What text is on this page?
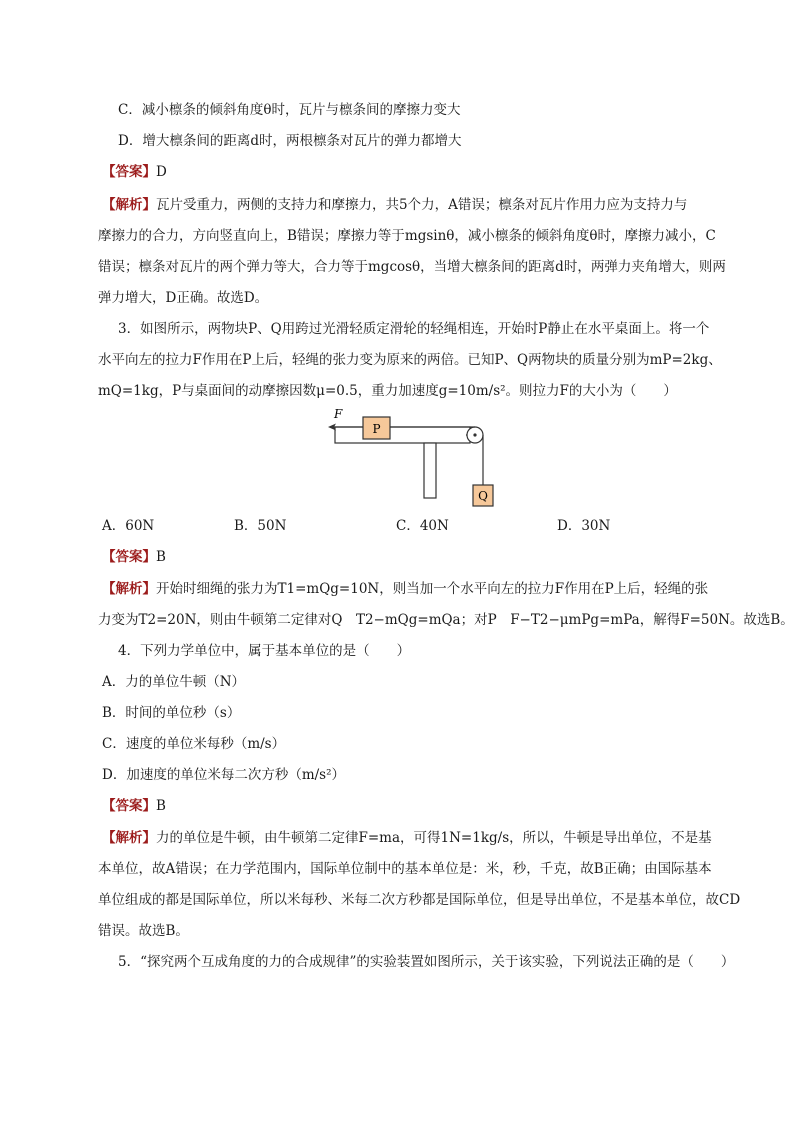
C．减小檩条的倾斜角度θ时，瓦片与檩条间的摩擦力变大
D．增大檩条间的距离d时，两根檩条对瓦片的弹力都增大
【答案】D
【解析】瓦片受重力，两侧的支持力和摩擦力，共5个力，A错误；檩条对瓦片作用力应为支持力与
摩擦力的合力，方向竖直向上，B错误；摩擦力等于mgsinθ，减小檩条的倾斜角度θ时，摩擦力减小，C
错误；檩条对瓦片的两个弹力等大，合力等于mgcosθ，当增大檩条间的距离d时，两弹力夹角增大，则两
弹力增大，D正确。故选D。
3．如图所示，两物块P、Q用跨过光滑轻质定滑轮的轻绳相连，开始时P静止在水平桌面上。将一个
水平向左的拉力F作用在P上后，轻绳的张力变为原来的两倍。已知P、Q两物块的质量分别为mP=2kg、
mQ=1kg，P与桌面间的动摩擦因数μ=0.5，重力加速度g=10m/s²。则拉力F的大小为（　　）
P
F
Q
A．60N	B．50N	C．40N	D．30N
【答案】B
【解析】开始时细绳的张力为T1=mQg=10N，则当加一个水平向左的拉力F作用在P上后，轻绳的张
力变为T2=20N，则由牛顿第二定律对Q　T2−mQg=mQa；对P　F−T2−μmPg=mPa，解得F=50N。故选B。
4．下列力学单位中，属于基本单位的是（　　）
A．力的单位牛顿（N）
B．时间的单位秒（s）
C．速度的单位米每秒（m/s）
D．加速度的单位米每二次方秒（m/s²）
【答案】B
【解析】力的单位是牛顿，由牛顿第二定律F=ma，可得1N=1kg/s，所以，牛顿是导出单位，不是基
本单位，故A错误；在力学范围内，国际单位制中的基本单位是：米，秒，千克，故B正确；由国际基本
单位组成的都是国际单位，所以米每秒、米每二次方秒都是国际单位，但是导出单位，不是基本单位，故CD
错误。故选B。
5．“探究两个互成角度的力的合成规律”的实验装置如图所示，关于该实验，下列说法正确的是（　　）
